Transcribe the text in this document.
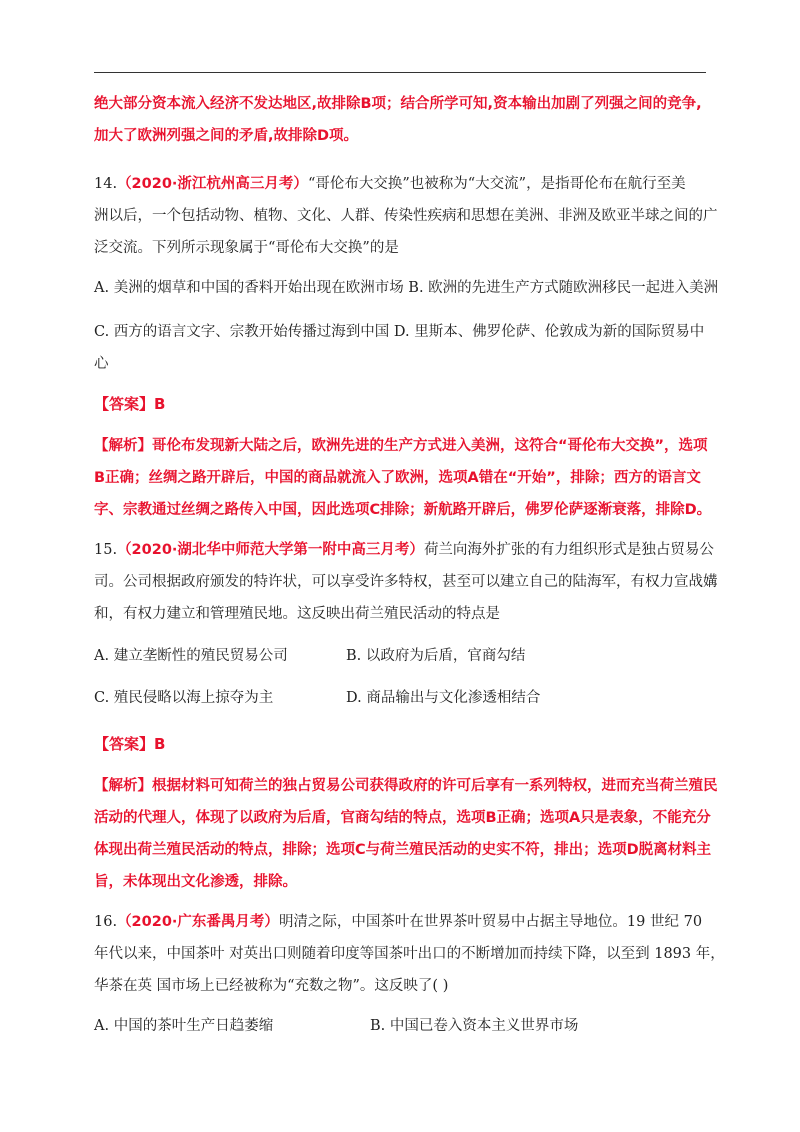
绝大部分资本流入经济不发达地区,故排除B项；结合所学可知,资本输出加剧了列强之间的竞争,
加大了欧洲列强之间的矛盾,故排除D项。
14.（2020·浙江杭州高三月考）“哥伦布大交换”也被称为“大交流”，是指哥伦布在航行至美
洲以后，一个包括动物、植物、文化、人群、传染性疾病和思想在美洲、非洲及欧亚半球之间的广
泛交流。下列所示现象属于“哥伦布大交换”的是
A. 美洲的烟草和中国的香料开始出现在欧洲市场 B. 欧洲的先进生产方式随欧洲移民一起进入美洲
C. 西方的语言文字、宗教开始传播过海到中国 D. 里斯本、佛罗伦萨、伦敦成为新的国际贸易中
心
【答案】B
【解析】哥伦布发现新大陆之后，欧洲先进的生产方式进入美洲，这符合“哥伦布大交换”，选项
B正确；丝绸之路开辟后，中国的商品就流入了欧洲，选项A错在“开始”，排除；西方的语言文
字、宗教通过丝绸之路传入中国，因此选项C排除；新航路开辟后，佛罗伦萨逐渐衰落，排除D。
15.（2020·湖北华中师范大学第一附中高三月考）荷兰向海外扩张的有力组织形式是独占贸易公
司。公司根据政府颁发的特许状，可以享受许多特权，甚至可以建立自己的陆海军，有权力宣战媾
和，有权力建立和管理殖民地。这反映出荷兰殖民活动的特点是
A. 建立垄断性的殖民贸易公司	B. 以政府为后盾，官商勾结
C. 殖民侵略以海上掠夺为主	D. 商品输出与文化渗透相结合
【答案】B
【解析】根据材料可知荷兰的独占贸易公司获得政府的许可后享有一系列特权，进而充当荷兰殖民
活动的代理人，体现了以政府为后盾，官商勾结的特点，选项B正确；选项A只是表象，不能充分
体现出荷兰殖民活动的特点，排除；选项C与荷兰殖民活动的史实不符，排出；选项D脱离材料主
旨，未体现出文化渗透，排除。
16.（2020·广东番禺月考）明清之际，中国茶叶在世界茶叶贸易中占据主导地位。19 世纪 70
年代以来，中国茶叶 对英出口则随着印度等国茶叶出口的不断增加而持续下降，以至到 1893 年，
华茶在英 国市场上已经被称为“充数之物”。这反映了( )
A. 中国的茶叶生产日趋萎缩	B. 中国已卷入资本主义世界市场
